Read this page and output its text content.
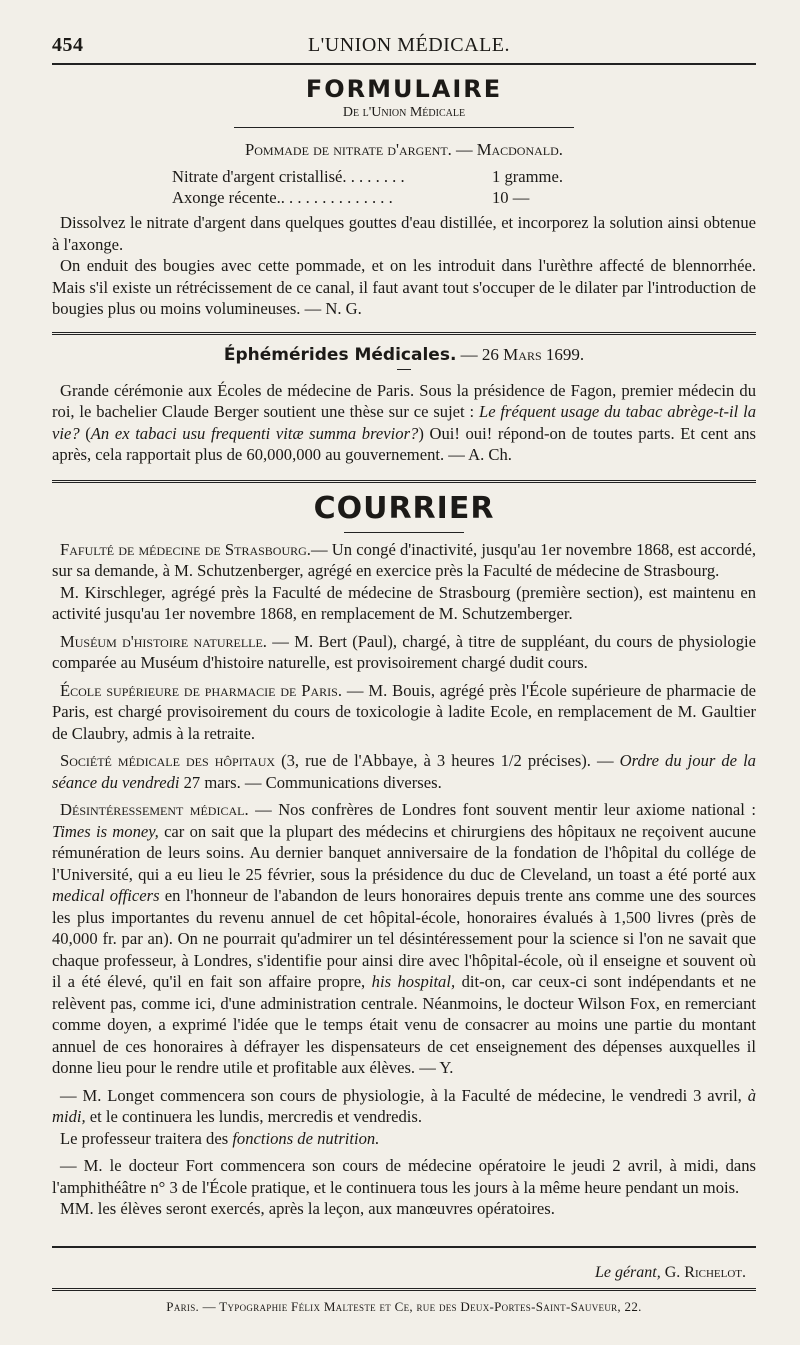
454	L'UNION MÉDICALE.
FORMULAIRE
De l'Union Médicale
Pommade de nitrate d'argent. — Macdonald.
Nitrate d'argent cristallisé. . . . . . . .	1 gramme.
Axonge récente.. . . . . . . . . . . . . .	10 —

Dissolvez le nitrate d'argent dans quelques gouttes d'eau distillée, et incorporez la solution ainsi obtenue à l'axonge.

On enduit des bougies avec cette pommade, et on les introduit dans l'urèthre affecté de blennorrhée. Mais s'il existe un rétrécissement de ce canal, il faut avant tout s'occuper de le dilater par l'introduction de bougies plus ou moins volumineuses. — N. G.

Éphémérides Médicales. — 26 Mars 1699.

Grande cérémonie aux Écoles de médecine de Paris. Sous la présidence de Fagon, premier médecin du roi, le bachelier Claude Berger soutient une thèse sur ce sujet : Le fréquent usage du tabac abrège-t-il la vie? (An ex tabaci usu frequenti vitæ summa brevior?) Oui! oui! répond-on de toutes parts. Et cent ans après, cela rapportait plus de 60,000,000 au gouvernement. — A. Ch.

COURRIER

Fafulté de médecine de Strasbourg.— Un congé d'inactivité, jusqu'au 1er novembre 1868, est accordé, sur sa demande, à M. Schutzenberger, agrégé en exercice près la Faculté de médecine de Strasbourg.

M. Kirschleger, agrégé près la Faculté de médecine de Strasbourg (première section), est maintenu en activité jusqu'au 1er novembre 1868, en remplacement de M. Schutzemberger.

Muséum d'histoire naturelle. — M. Bert (Paul), chargé, à titre de suppléant, du cours de physiologie comparée au Muséum d'histoire naturelle, est provisoirement chargé dudit cours.

École supérieure de pharmacie de Paris. — M. Bouis, agrégé près l'École supérieure de pharmacie de Paris, est chargé provisoirement du cours de toxicologie à ladite Ecole, en remplacement de M. Gaultier de Claubry, admis à la retraite.

Société médicale des hôpitaux (3, rue de l'Abbaye, à 3 heures 1/2 précises). — Ordre du jour de la séance du vendredi 27 mars. — Communications diverses.

Désintéressement médical. — Nos confrères de Londres font souvent mentir leur axiome national : Times is money, car on sait que la plupart des médecins et chirurgiens des hôpitaux ne reçoivent aucune rémunération de leurs soins. Au dernier banquet anniversaire de la fondation de l'hôpital du collége de l'Université, qui a eu lieu le 25 février, sous la présidence du duc de Cleveland, un toast a été porté aux medical officers en l'honneur de l'abandon de leurs honoraires depuis trente ans comme une des sources les plus importantes du revenu annuel de cet hôpital-école, honoraires évalués à 1,500 livres (près de 40,000 fr. par an). On ne pourrait qu'admirer un tel désintéressement pour la science si l'on ne savait que chaque professeur, à Londres, s'identifie pour ainsi dire avec l'hôpital-école, où il enseigne et souvent où il a été élevé, qu'il en fait son affaire propre, his hospital, dit-on, car ceux-ci sont indépendants et ne relèvent pas, comme ici, d'une administration centrale. Néanmoins, le docteur Wilson Fox, en remerciant comme doyen, a exprimé l'idée que le temps était venu de consacrer au moins une partie du montant annuel de ces honoraires à défrayer les dispensateurs de cet enseignement des dépenses auxquelles il donne lieu pour le rendre utile et profitable aux élèves. — Y.

— M. Longet commencera son cours de physiologie, à la Faculté de médecine, le vendredi 3 avril, à midi, et le continuera les lundis, mercredis et vendredis.

Le professeur traitera des fonctions de nutrition.

— M. le docteur Fort commencera son cours de médecine opératoire le jeudi 2 avril, à midi, dans l'amphithéâtre n° 3 de l'École pratique, et le continuera tous les jours à la même heure pendant un mois.

MM. les élèves seront exercés, après la leçon, aux manœuvres opératoires.

Le gérant, G. Richelot.
Paris. — Typographie Félix Malteste et Ce, rue des Deux-Portes-Saint-Sauveur, 22.
